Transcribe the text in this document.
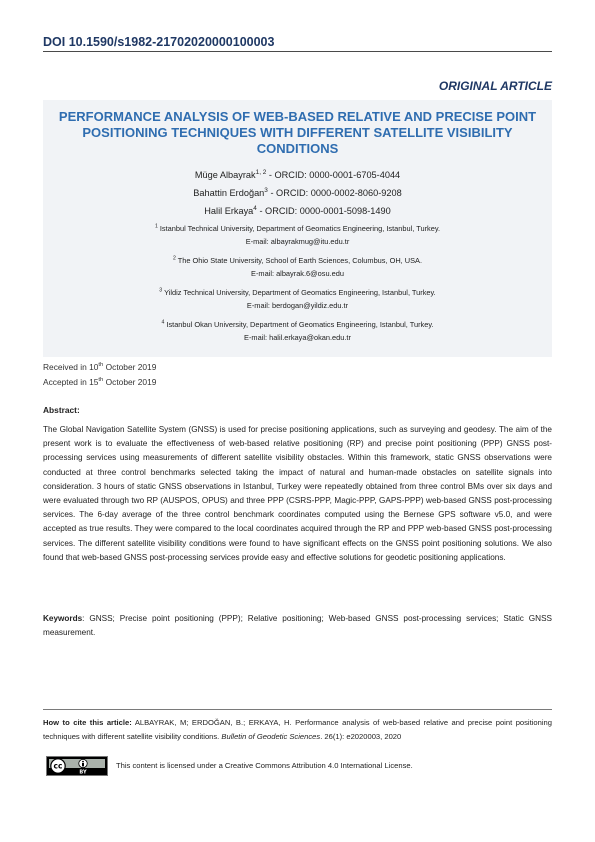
DOI 10.1590/s1982-21702020000100003
ORIGINAL ARTICLE
PERFORMANCE ANALYSIS OF WEB-BASED RELATIVE AND PRECISE POINT POSITIONING TECHNIQUES WITH DIFFERENT SATELLITE VISIBILITY CONDITIONS
Müge Albayrak$^{1, 2}$ - ORCID: 0000-0001-6705-4044
Bahattin Erdoğan$^3$ - ORCID: 0000-0002-8060-9208
Halil Erkaya$^4$ - ORCID: 0000-0001-5098-1490
$^1$ Istanbul Technical University, Department of Geomatics Engineering, Istanbul, Turkey.
E-mail: albayrakmug@itu.edu.tr
$^2$ The Ohio State University, School of Earth Sciences, Columbus, OH, USA.
E-mail: albayrak.6@osu.edu
$^3$ Yildiz Technical University, Department of Geomatics Engineering, Istanbul, Turkey.
E-mail: berdogan@yildiz.edu.tr
$^4$ Istanbul Okan University, Department of Geomatics Engineering, Istanbul, Turkey.
E-mail: halil.erkaya@okan.edu.tr
Received in 10th October 2019
Accepted in 15th October 2019
Abstract:
The Global Navigation Satellite System (GNSS) is used for precise positioning applications, such as surveying and geodesy. The aim of the present work is to evaluate the effectiveness of web-based relative positioning (RP) and precise point positioning (PPP) GNSS post-processing services using measurements of different satellite visibility obstacles. Within this framework, static GNSS observations were conducted at three control benchmarks selected taking the impact of natural and human-made obstacles on satellite signals into consideration. 3 hours of static GNSS observations in Istanbul, Turkey were repeatedly obtained from three control BMs over six days and were evaluated through two RP (AUSPOS, OPUS) and three PPP (CSRS-PPP, Magic-PPP, GAPS-PPP) web-based GNSS post-processing services. The 6-day average of the three control benchmark coordinates computed using the Bernese GPS software v5.0, and were accepted as true results. They were compared to the local coordinates acquired through the RP and PPP web-based GNSS post-processing services. The different satellite visibility conditions were found to have significant effects on the GNSS point positioning solutions. We also found that web-based GNSS post-processing services provide easy and effective solutions for geodetic positioning applications.
Keywords: GNSS; Precise point positioning (PPP); Relative positioning; Web-based GNSS post-processing services; Static GNSS measurement.
How to cite this article: ALBAYRAK, M; ERDOĞAN, B.; ERKAYA, H. Performance analysis of web-based relative and precise point positioning techniques with different satellite visibility conditions. Bulletin of Geodetic Sciences. 26(1): e2020003, 2020
cc
BY
This content is licensed under a Creative Commons Attribution 4.0 International License.
